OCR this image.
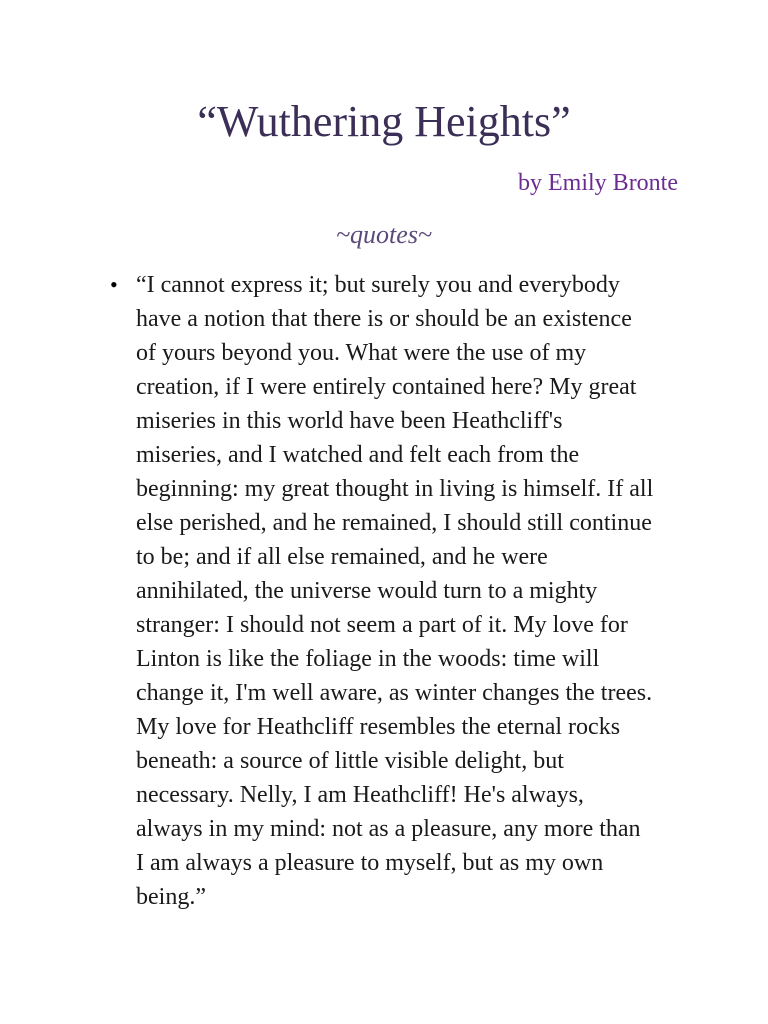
“Wuthering Heights”
by Emily Bronte
~quotes~
• “I cannot express it; but surely you and everybody
have a notion that there is or should be an existence
of yours beyond you. What were the use of my
creation, if I were entirely contained here? My great
miseries in this world have been Heathcliff's
miseries, and I watched and felt each from the
beginning: my great thought in living is himself. If all
else perished, and he remained, I should still continue
to be; and if all else remained, and he were
annihilated, the universe would turn to a mighty
stranger: I should not seem a part of it. My love for
Linton is like the foliage in the woods: time will
change it, I'm well aware, as winter changes the trees.
My love for Heathcliff resembles the eternal rocks
beneath: a source of little visible delight, but
necessary. Nelly, I am Heathcliff! He's always,
always in my mind: not as a pleasure, any more than
I am always a pleasure to myself, but as my own
being.”
